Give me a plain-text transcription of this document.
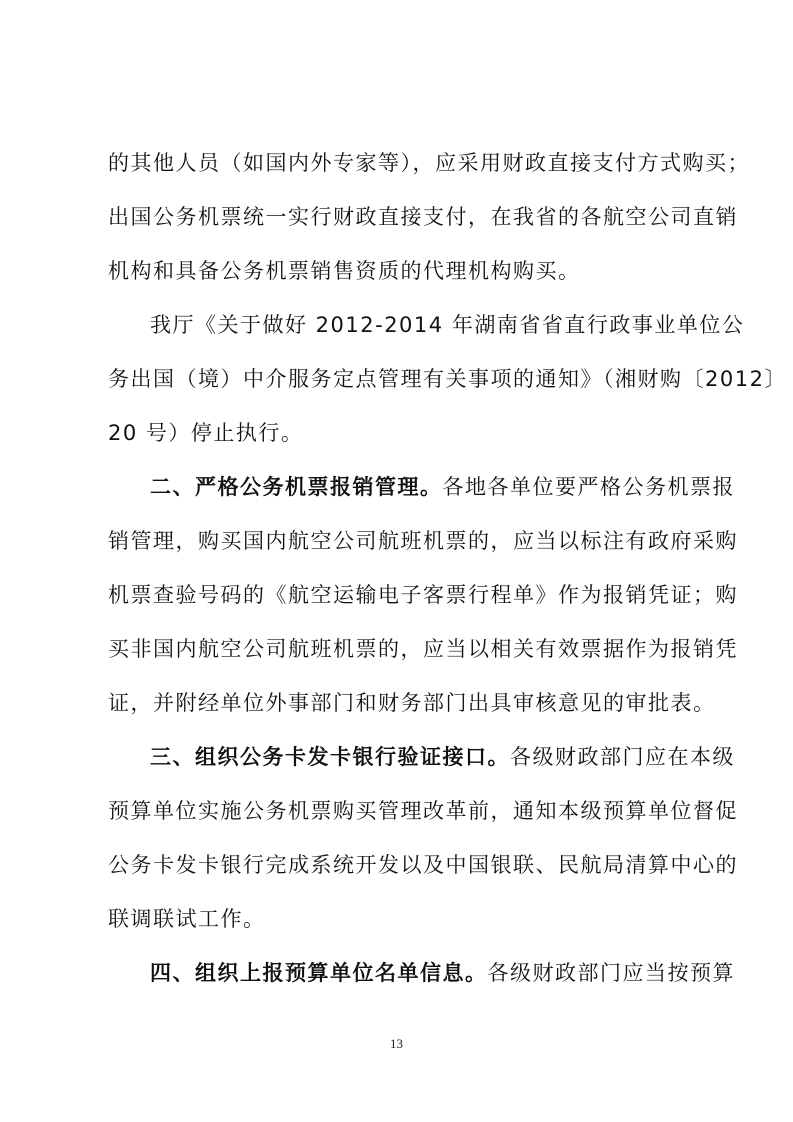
的其他人员（如国内外专家等），应采用财政直接支付方式购买；
出国公务机票统一实行财政直接支付，在我省的各航空公司直销
机构和具备公务机票销售资质的代理机构购买。
我厅《关于做好 2012-2014 年湖南省省直行政事业单位公
务出国（境）中介服务定点管理有关事项的通知》（湘财购〔2012〕
20 号）停止执行。
二、严格公务机票报销管理。各地各单位要严格公务机票报
销管理，购买国内航空公司航班机票的，应当以标注有政府采购
机票查验号码的《航空运输电子客票行程单》作为报销凭证；购
买非国内航空公司航班机票的，应当以相关有效票据作为报销凭
证，并附经单位外事部门和财务部门出具审核意见的审批表。
三、组织公务卡发卡银行验证接口。各级财政部门应在本级
预算单位实施公务机票购买管理改革前，通知本级预算单位督促
公务卡发卡银行完成系统开发以及中国银联、民航局清算中心的
联调联试工作。
四、组织上报预算单位名单信息。各级财政部门应当按预算
13
